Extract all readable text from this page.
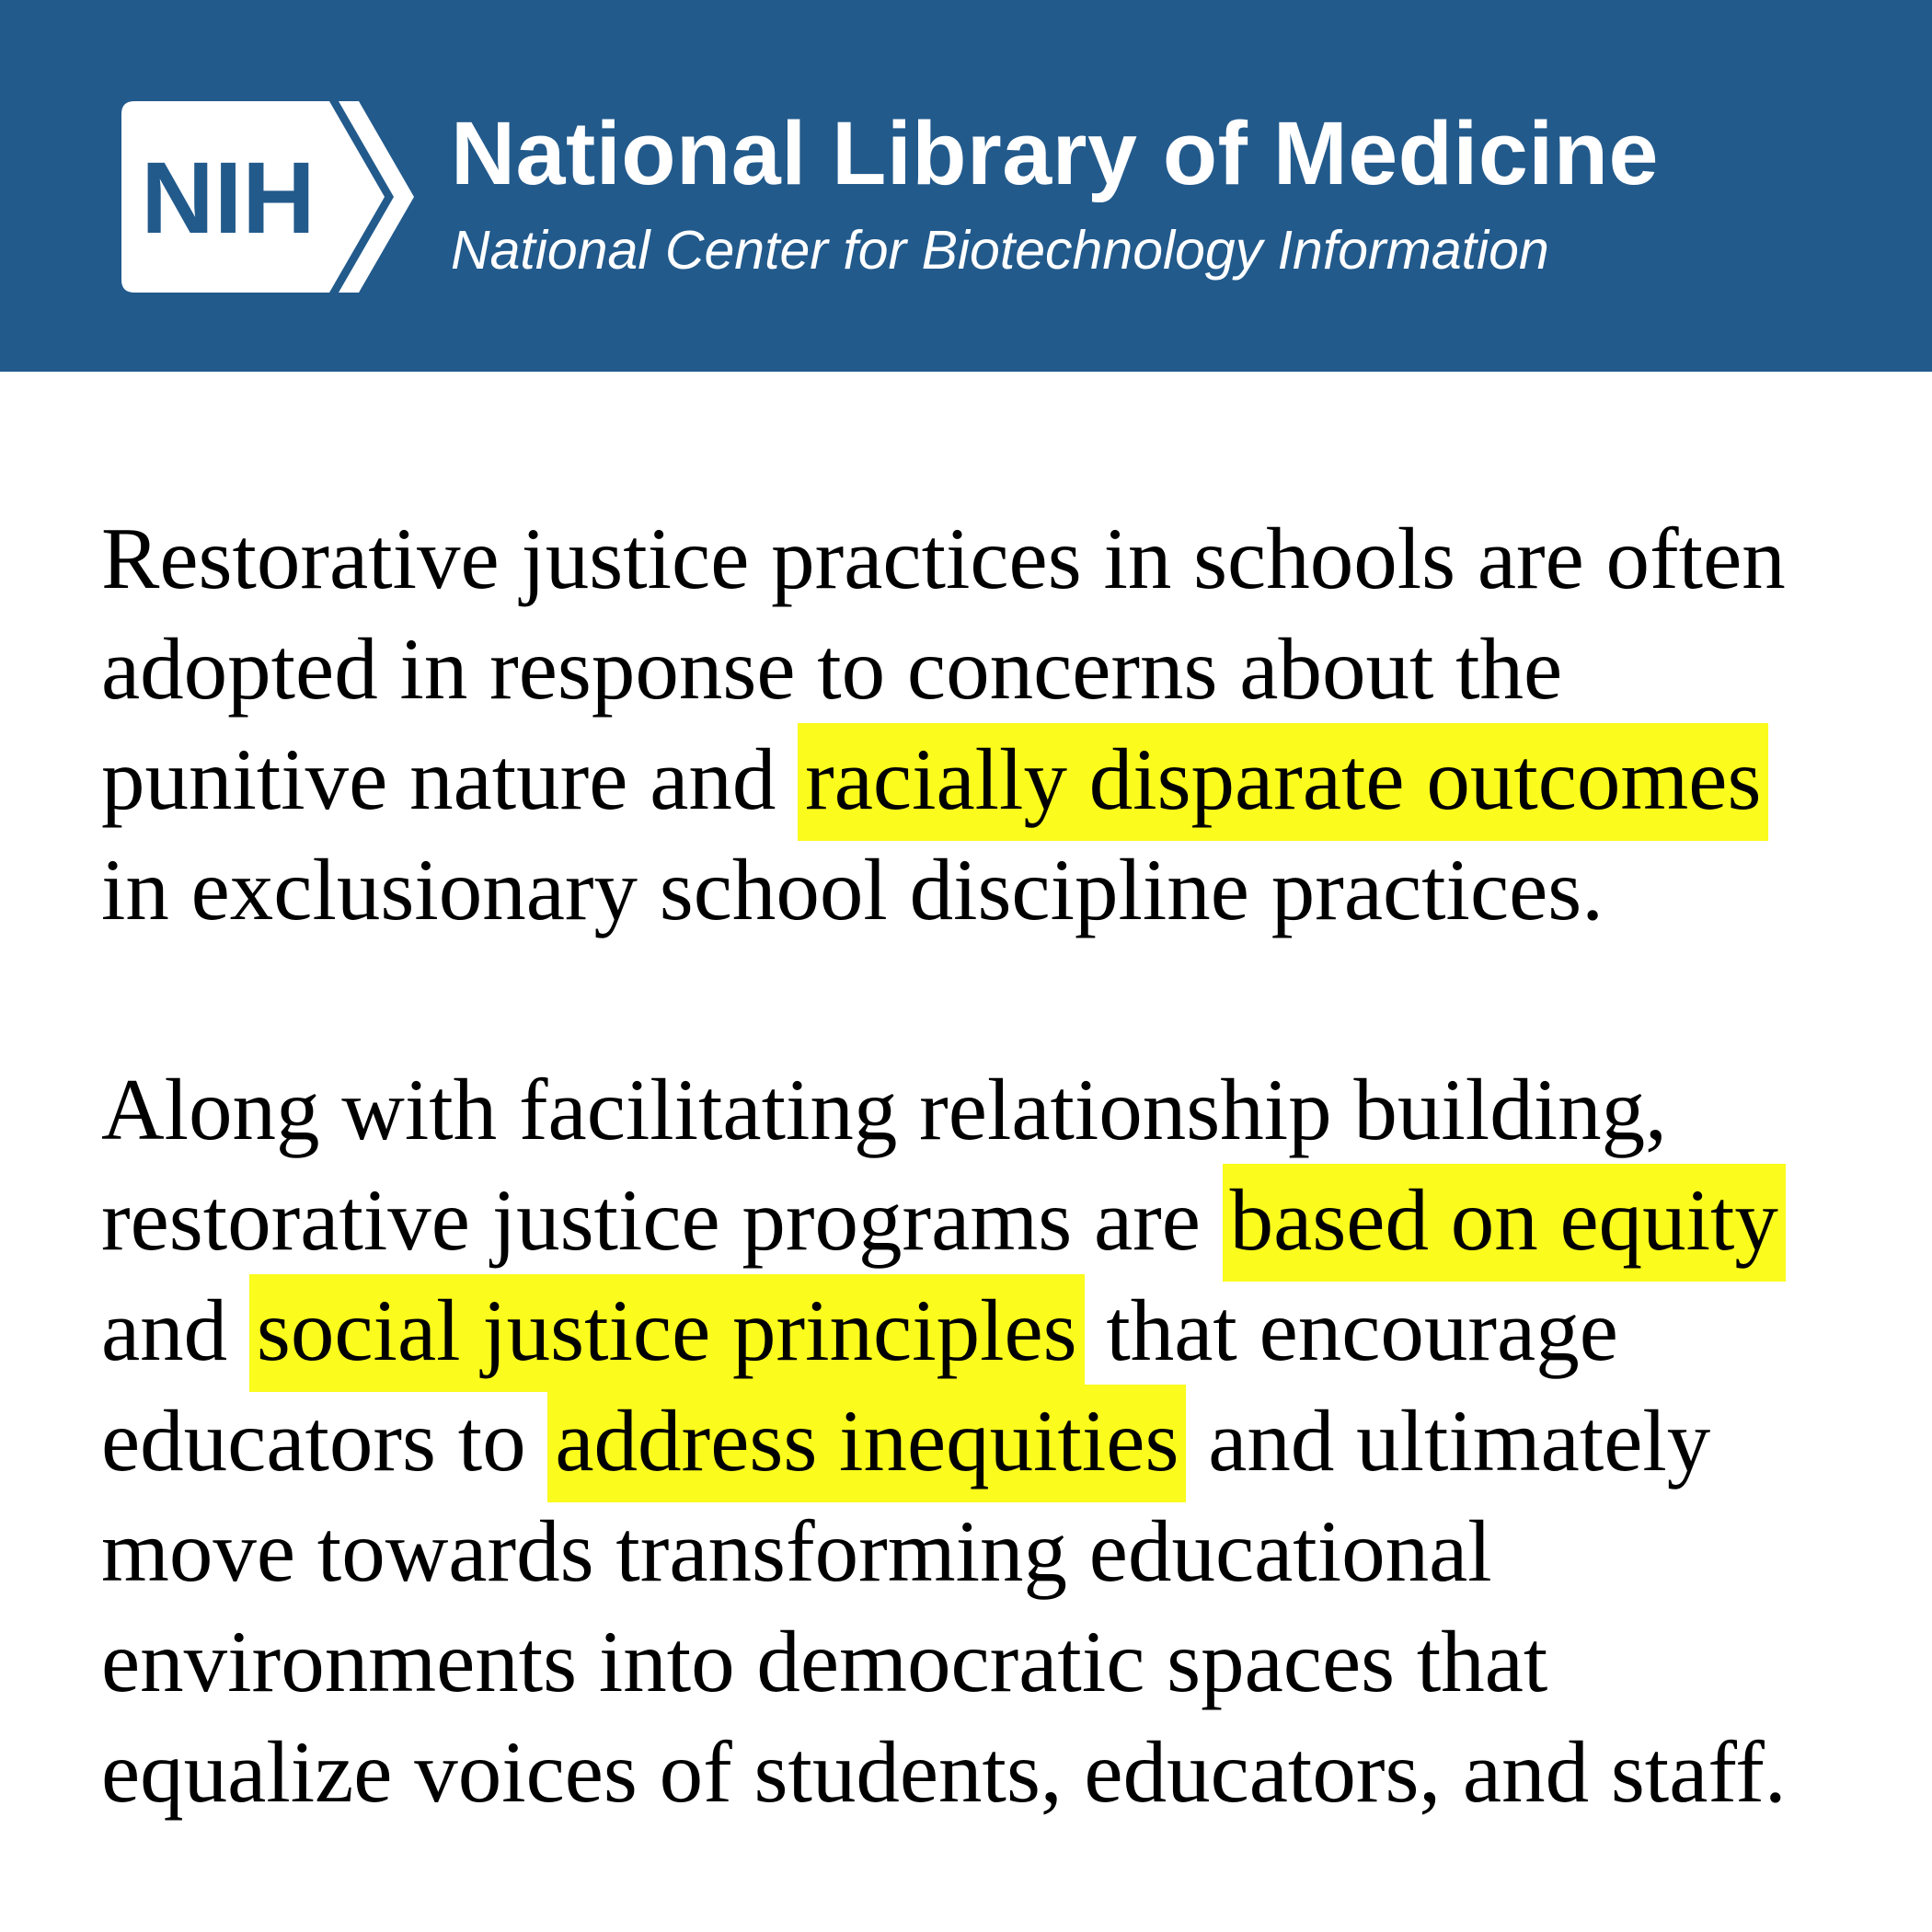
NIH National Library of Medicine

National Center for Biotechnology Information

Restorative justice practices in schools are often
adopted in response to concerns about the
punitive nature and racially disparate outcomes
in exclusionary school discipline practices.

Along with facilitating relationship building,
restorative justice programs are based on equity
and social justice principles that encourage
educators to address inequities and ultimately
move towards transforming educational
environments into democratic spaces that
equalize voices of students, educators, and staff.
